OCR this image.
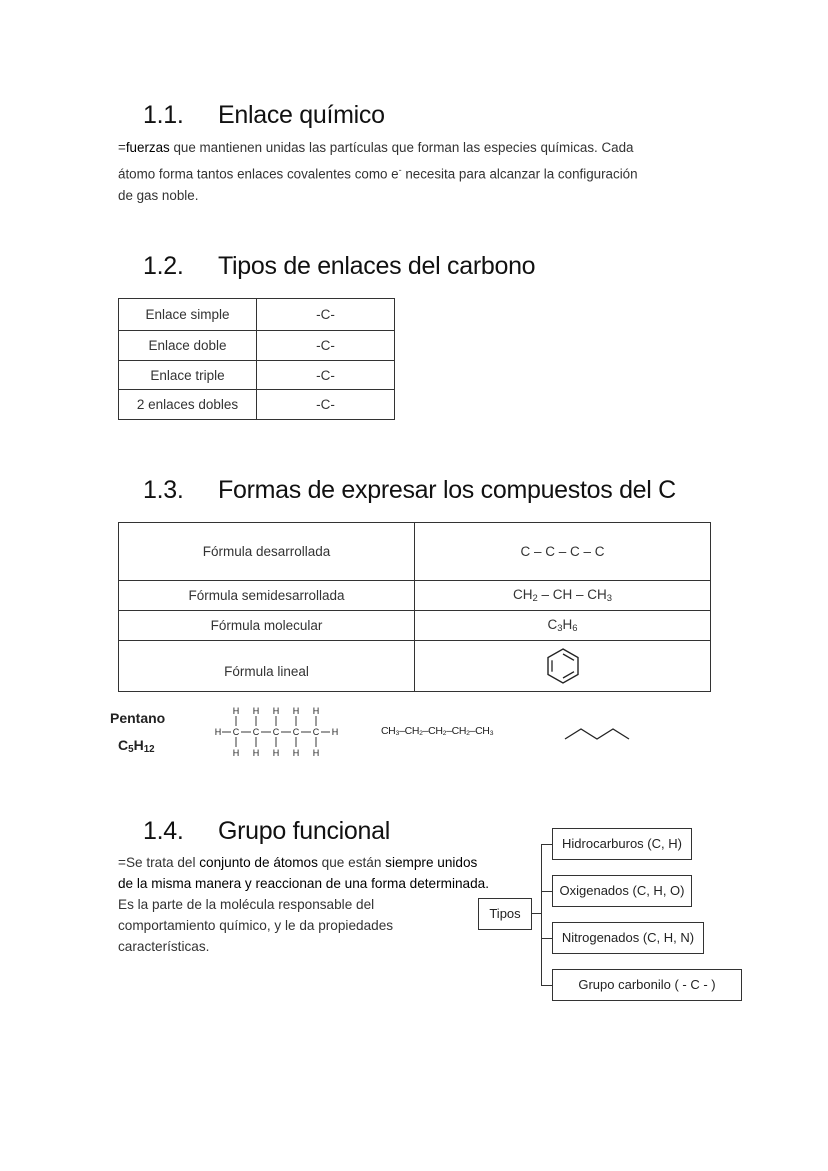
1.1. Enlace químico
=fuerzas que mantienen unidas las partículas que forman las especies químicas. Cada
átomo forma tantos enlaces covalentes como e- necesita para alcanzar la configuración
de gas noble.
1.2. Tipos de enlaces del carbono
Enlace simple	-C-
Enlace doble	-C-
Enlace triple	-C-
2 enlaces dobles	-C-
1.3. Formas de expresar los compuestos del C
Fórmula desarrollada	C – C – C – C
Fórmula semidesarrollada	$CH_2$ – CH – $CH_3$
Fórmula molecular	$C_3H_6$
Fórmula lineal	
Pentano
$C_5H_{12}$
H H H H H
H C C C C C H
H H H H H
CH₃–CH₂–CH₂–CH₂–CH₃
1.4. Grupo funcional
=Se trata del conjunto de átomos que están siempre unidos
de la misma manera y reaccionan de una forma determinada.
Es la parte de la molécula responsable del
comportamiento químico, y le da propiedades
características.
Tipos
Hidrocarburos (C, H)
Oxigenados (C, H, O)
Nitrogenados (C, H, N)
Grupo carbonilo ( - C - )
